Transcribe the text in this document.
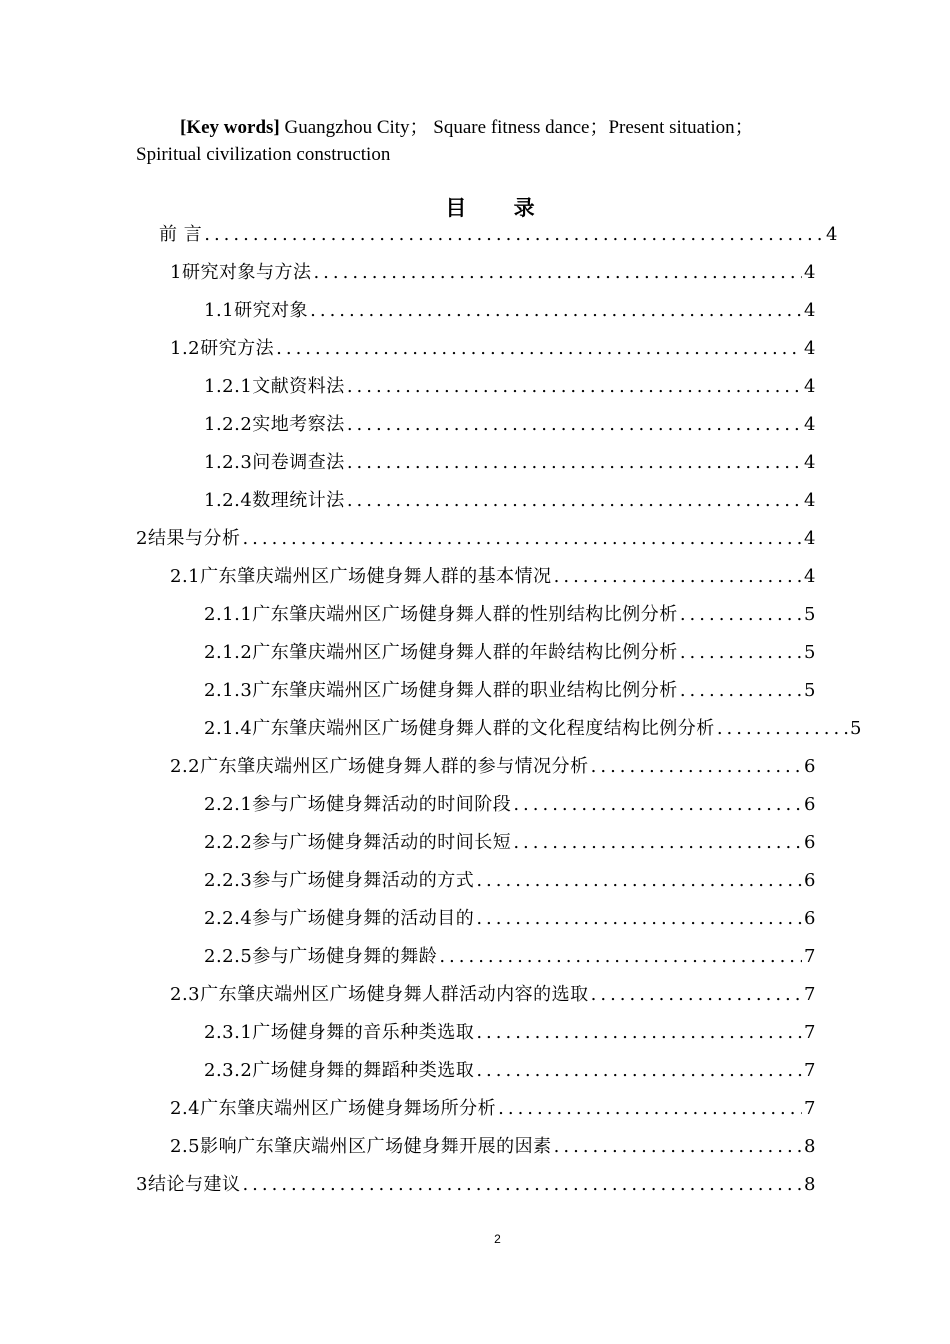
[Key words] Guangzhou City； Square fitness dance；Present situation；
Spiritual civilization construction
目 录
前 言 .....	4
1研究对象与方法 .....	4
1.1研究对象 .....	4
1.2研究方法 .....	4
1.2.1文献资料法 .....	4
1.2.2实地考察法 .....	4
1.2.3问卷调查法 .....	4
1.2.4数理统计法 .....	4
2结果与分析 .....	4
2.1广东肇庆端州区广场健身舞人群的基本情况 .....	4
2.1.1广东肇庆端州区广场健身舞人群的性别结构比例分析 .....	5
2.1.2广东肇庆端州区广场健身舞人群的年龄结构比例分析 .....	5
2.1.3广东肇庆端州区广场健身舞人群的职业结构比例分析 .....	5
2.1.4广东肇庆端州区广场健身舞人群的文化程度结构比例分析 .....	5
2.2广东肇庆端州区广场健身舞人群的参与情况分析 .....	6
2.2.1参与广场健身舞活动的时间阶段 .....	6
2.2.2参与广场健身舞活动的时间长短 .....	6
2.2.3参与广场健身舞活动的方式 .....	6
2.2.4参与广场健身舞的活动目的 .....	6
2.2.5参与广场健身舞的舞龄 .....	7
2.3广东肇庆端州区广场健身舞人群活动内容的选取 .....	7
2.3.1广场健身舞的音乐种类选取 .....	7
2.3.2广场健身舞的舞蹈种类选取 .....	7
2.4广东肇庆端州区广场健身舞场所分析 .....	7
2.5影响广东肇庆端州区广场健身舞开展的因素 .....	8
3结论与建议 .....	8
2
